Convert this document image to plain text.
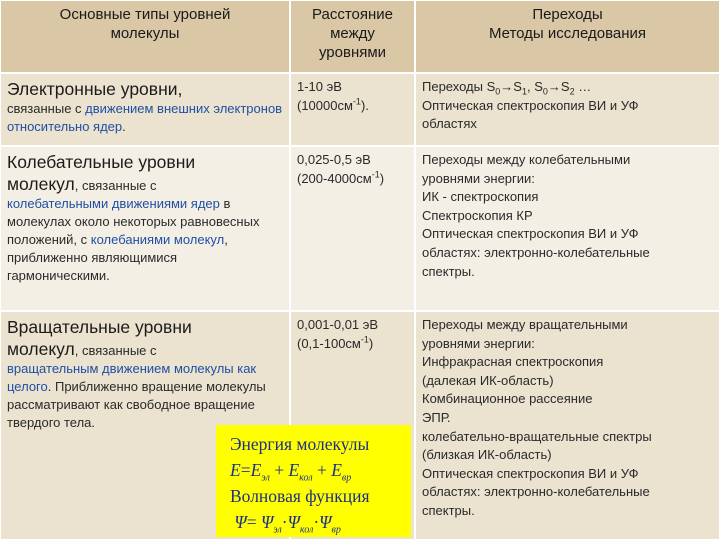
Основные типы уровней
молекулы
Расстояние
между
уровнями
Переходы
Методы исследования
Электронные уровни,
связанные с движением внешних электронов относительно ядер.
1-10 эВ
$(10000см^{-1})$.
Переходы $S_0\to S_1$, $S_0\to S_2$ …
Оптическая спектроскопия ВИ и УФ
областях
Колебательные уровни
молекул, связанные с
колебательными движениями ядер в молекулах около некоторых равновесных положений, с колебаниями молекул, приближенно являющимися гармоническими.
0,025-0,5 эВ
$(200-4000см^{-1})$
Переходы между колебательными
уровнями энергии:
ИК - спектроскопия
Спектроскопия КР
Оптическая спектроскопия ВИ и УФ
областях: электронно-колебательные
спектры.
Вращательные уровни
молекул, связанные с
вращательным движением молекулы как целого. Приближенно вращение молекулы рассматривают как свободное вращение твердого тела.
0,001-0,01 эВ
$(0,1-100см^{-1})$
Переходы между вращательными
уровнями энергии:
Инфракрасная спектроскопия
(далекая ИК-область)
Комбинационное рассеяние
ЭПР.
колебательно-вращательные спектры
(близкая ИК-область)
Оптическая спектроскопия ВИ и УФ
областях: электронно-колебательные
спектры.
Энергия молекулы
$E=E_{эл} + E_{кол} + E_{вр}$
Волновая функция
$\Psi= \Psi_{эл}\cdot\Psi_{кол}\cdot\Psi_{вр}$
